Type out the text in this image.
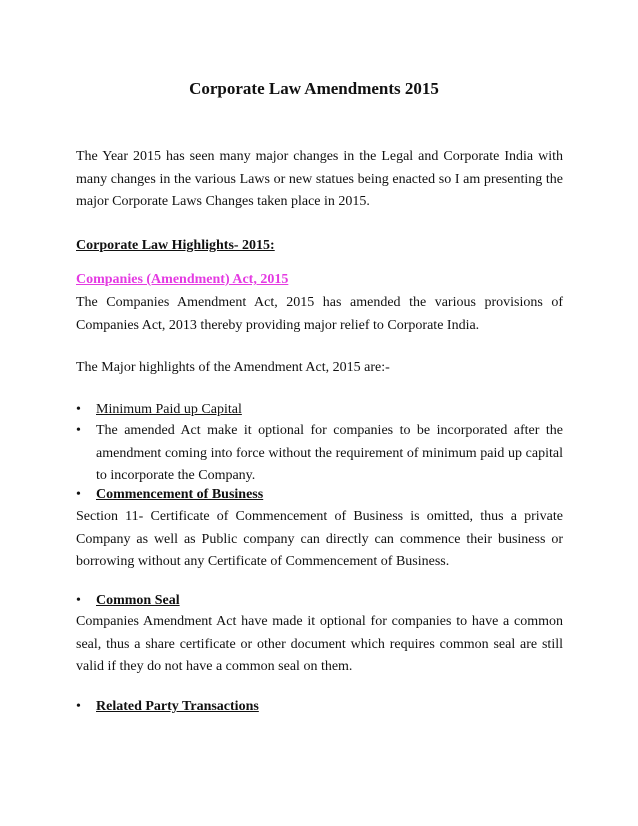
Corporate Law Amendments 2015

The Year 2015 has seen many major changes in the Legal and Corporate India with many changes in the various Laws or new statues being enacted so I am presenting the major Corporate Laws Changes taken place in 2015.

Corporate Law Highlights- 2015:
Companies (Amendment) Act, 2015

The Companies Amendment Act, 2015 has amended the various provisions of Companies Act, 2013 thereby providing major relief to Corporate India.

The Major highlights of the Amendment Act, 2015 are:-

•	Minimum Paid up Capital
•	The amended Act make it optional for companies to be incorporated after the amendment coming into force without the requirement of minimum paid up capital to incorporate the Company.
•	Commencement of Business

Section 11- Certificate of Commencement of Business is omitted, thus a private Company as well as Public company can directly can commence their business or borrowing without any Certificate of Commencement of Business.

•	Common Seal

Companies Amendment Act have made it optional for companies to have a common seal, thus a share certificate or other document which requires common seal are still valid if they do not have a common seal on them.

•	Related Party Transactions
